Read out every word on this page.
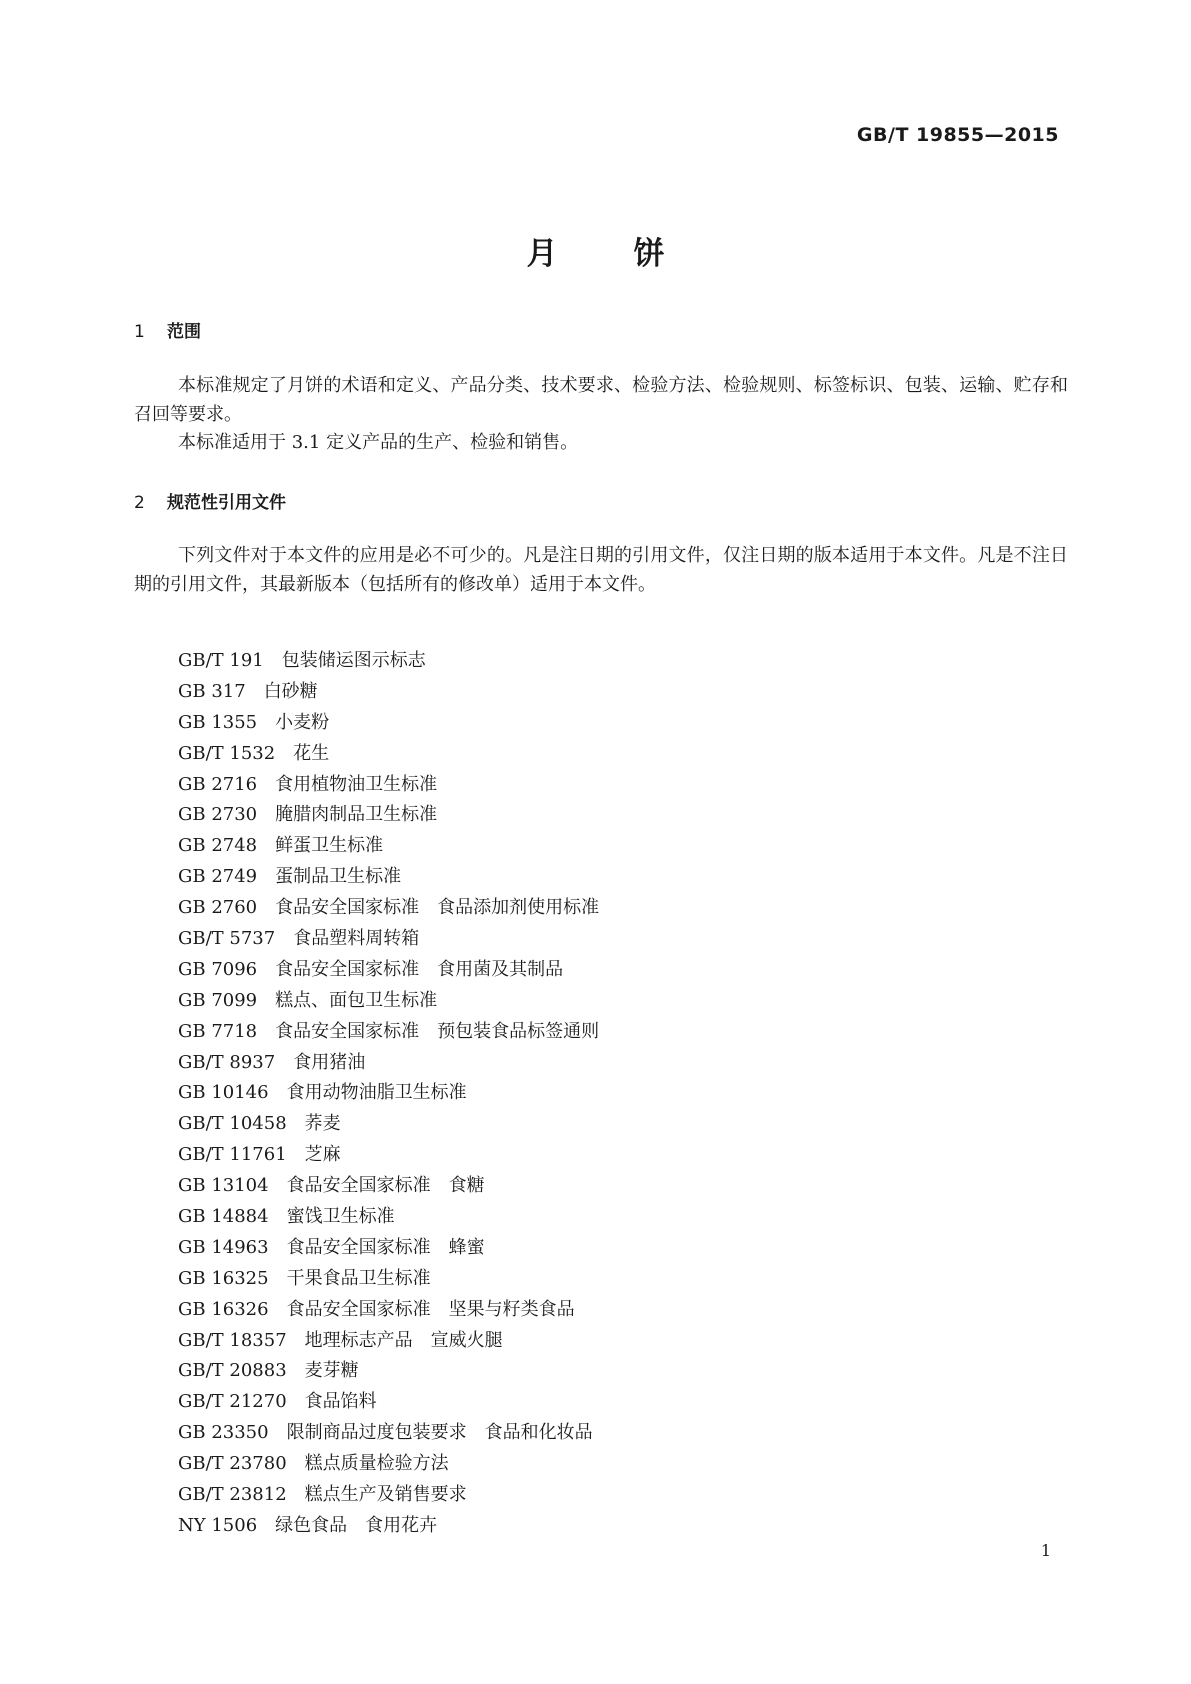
GB/T 19855—2015
月饼
1 范围
本标准规定了月饼的术语和定义、产品分类、技术要求、检验方法、检验规则、标签标识、包装、运输、贮存和召回等要求。
本标准适用于 3.1 定义产品的生产、检验和销售。
2 规范性引用文件
下列文件对于本文件的应用是必不可少的。凡是注日期的引用文件，仅注日期的版本适用于本文件。凡是不注日期的引用文件，其最新版本（包括所有的修改单）适用于本文件。
GB/T 191 包装储运图示标志
GB 317 白砂糖
GB 1355 小麦粉
GB/T 1532 花生
GB 2716 食用植物油卫生标准
GB 2730 腌腊肉制品卫生标准
GB 2748 鲜蛋卫生标准
GB 2749 蛋制品卫生标准
GB 2760 食品安全国家标准　食品添加剂使用标准
GB/T 5737 食品塑料周转箱
GB 7096 食品安全国家标准　食用菌及其制品
GB 7099 糕点、面包卫生标准
GB 7718 食品安全国家标准　预包装食品标签通则
GB/T 8937 食用猪油
GB 10146 食用动物油脂卫生标准
GB/T 10458 荞麦
GB/T 11761 芝麻
GB 13104 食品安全国家标准　食糖
GB 14884 蜜饯卫生标准
GB 14963 食品安全国家标准　蜂蜜
GB 16325 干果食品卫生标准
GB 16326 食品安全国家标准　坚果与籽类食品
GB/T 18357 地理标志产品　宣威火腿
GB/T 20883 麦芽糖
GB/T 21270 食品馅料
GB 23350 限制商品过度包装要求　食品和化妆品
GB/T 23780 糕点质量检验方法
GB/T 23812 糕点生产及销售要求
NY 1506 绿色食品　食用花卉
1
